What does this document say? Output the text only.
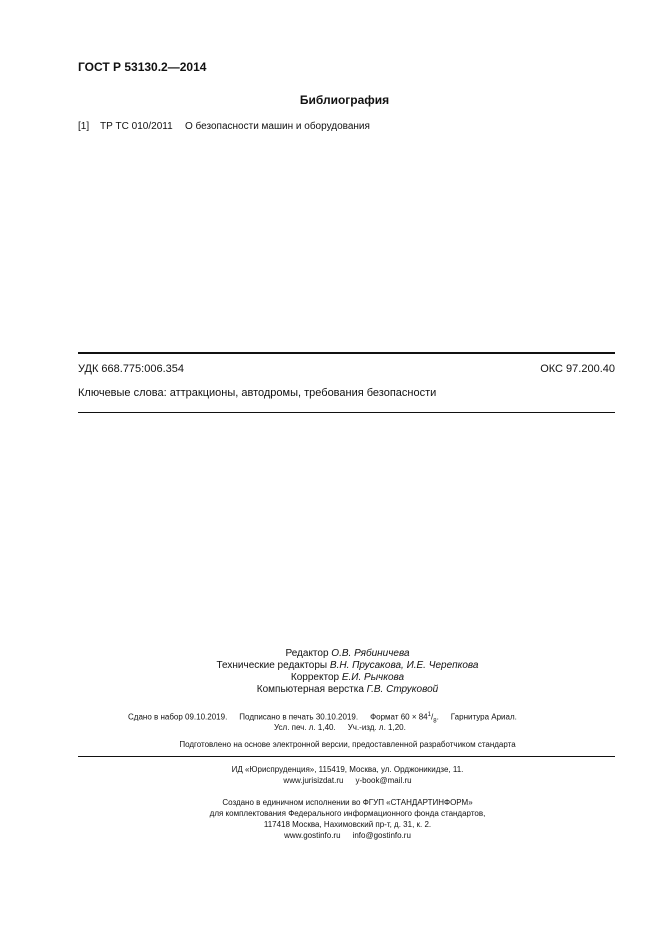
ГОСТ Р 53130.2—2014
Библиография
[1] ТР ТС 010/2011 О безопасности машин и оборудования
УДК 668.775:006.354	ОКС 97.200.40
Ключевые слова: аттракционы, автодромы, требования безопасности
Редактор О.В. Рябиничева
Технические редакторы В.Н. Прусакова, И.Е. Черепкова
Корректор Е.И. Рычкова
Компьютерная верстка Г.В. Струковой
Сдано в набор 09.10.2019. Подписано в печать 30.10.2019. Формат $60 \times 84^1/_8$. Гарнитура Ариал.
Усл. печ. л. 1,40. Уч.-изд. л. 1,20.
Подготовлено на основе электронной версии, предоставленной разработчиком стандарта
ИД «Юриспруденция», 115419, Москва, ул. Орджоникидзе, 11.
www.jurisizdat.ru y-book@mail.ru
Создано в единичном исполнении во ФГУП «СТАНДАРТИНФОРМ»
для комплектования Федерального информационного фонда стандартов,
117418 Москва, Нахимовский пр-т, д. 31, к. 2.
www.gostinfo.ru info@gostinfo.ru
